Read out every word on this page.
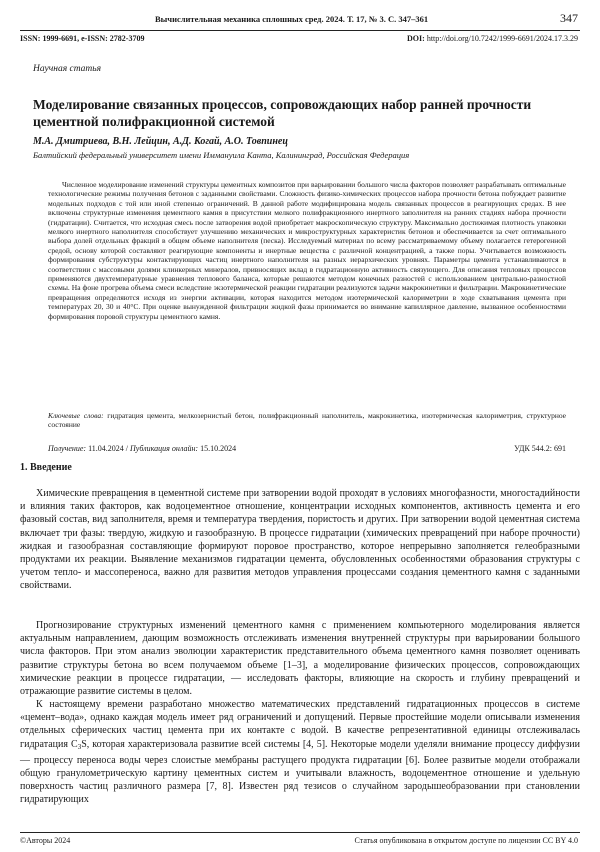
Вычислительная механика сплошных сред. 2024. Т. 17, № 3. С. 347–361	347
ISSN: 1999-6691, e-ISSN: 2782-3709	DOI: http://doi.org/10.7242/1999-6691/2024.17.3.29
Научная статья
Моделирование связанных процессов, сопровождающих набор ранней прочности цементной полифракционной системой
М.А. Дмитриева, В.Н. Лейцин, А.Д. Когай, А.О. Товпинец
Балтийский федеральный университет имени Иммануила Канта, Калининград, Российская Федерация

Численное моделирование изменений структуры цементных композитов при варьировании большого числа факторов позволяет разрабатывать оптимальные технологические режимы получения бетонов с заданными свойствами. Сложность физико-химических процессов набора прочности бетона побуждает развитие модельных подходов с той или иной степенью ограничений. В данной работе модифицирована модель связанных процессов в реагирующих средах. В нее включены структурные изменения цементного камня в присутствии мелкого полифракционного инертного заполнителя на ранних стадиях набора прочности (гидратации). Считается, что исходная смесь после затворения водой приобретает макроскопическую структуру. Максимально достижимая плотность упаковки мелкого инертного наполнителя способствует улучшению механических и микроструктурных характеристик бетонов и обеспечивается за счет оптимального выбора долей отдельных фракций в общем объеме наполнителя (песка). Исследуемый материал по всему рассматриваемому объему полагается гетерогенной средой, основу которой составляют реагирующие компоненты и инертные вещества с различной концентрацией, а также поры. Учитывается возможность формирования субструктуры контактирующих частиц инертного наполнителя на разных иерархических уровнях. Параметры цемента устанавливаются в соответствии с массовыми долями клинкерных минералов, привносящих вклад в гидратационную активность связующего. Для описания тепловых процессов применяются двухтемпературные уравнения теплового баланса, которые решаются методом конечных разностей с использованием центрально-разностной схемы. На фоне прогрева объема смеси вследствие экзотермической реакции гидратации реализуются задачи макрокинетики и фильтрации. Макрокинетические превращения определяются исходя из энергии активации, которая находится методом изотермической калориметрии в ходе схватывания цемента при температурах 20, 30 и 40°С. При оценке вынужденной фильтрации жидкой фазы принимается во внимание капиллярное давление, вызванное особенностями формирования поровой структуры цементного камня.

Ключевые слова: гидратация цемента, мелкозернистый бетон, полифракционный наполнитель, макрокинетика, изотермическая калориметрия, структурное состояние

Получение: 11.04.2024 / Публикация онлайн: 15.10.2024	УДК 544.2: 691
1. Введение

Химические превращения в цементной системе при затворении водой проходят в условиях многофазности, многостадийности и влияния таких факторов, как водоцементное отношение, концентрации исходных компонентов, активность цемента и его фазовый состав, вид заполнителя, время и температура твердения, пористость и других. При затворении водой цементная система включает три фазы: твердую, жидкую и газообразную. В процессе гидратации (химических превращений при наборе прочности) жидкая и газообразная составляющие формируют поровое пространство, которое непрерывно заполняется гелеобразными продуктами их реакции. Выявление механизмов гидратации цемента, обусловленных особенностями образования структуры с учетом тепло- и массопереноса, важно для развития методов управления процессами создания цементного камня с заданными свойствами.

Прогнозирование структурных изменений цементного камня с применением компьютерного моделирования является актуальным направлением, дающим возможность отслеживать изменения внутренней структуры при варьировании большого числа факторов. При этом анализ эволюции характеристик представительного объема цементного камня позволяет оценивать развитие структуры бетона во всем получаемом объеме [1–3], а моделирование физических процессов, сопровождающих химические реакции в процессе гидратации, — исследовать факторы, влияющие на скорость и глубину превращений и отражающие развитие системы в целом.

К настоящему времени разработано множество математических представлений гидратационных процессов в системе «цемент–вода», однако каждая модель имеет ряд ограничений и допущений. Первые простейшие модели описывали изменения отдельных сферических частиц цемента при их контакте с водой. В качестве репрезентативной единицы отслеживалась гидратация C3S, которая характеризовала развитие всей системы [4, 5]. Некоторые модели уделяли внимание процессу диффузии — процессу переноса воды через слоистые мембраны растущего продукта гидратации [6]. Более развитые модели отображали общую гранулометрическую картину цементных систем и учитывали влажность, водоцементное отношение и удельную поверхность частиц различного размера [7, 8]. Известен ряд тезисов о случайном зародышеобразовании при становлении гидратирующих

©Авторы 2024	Статья опубликована в открытом доступе по лицензии CC BY 4.0
